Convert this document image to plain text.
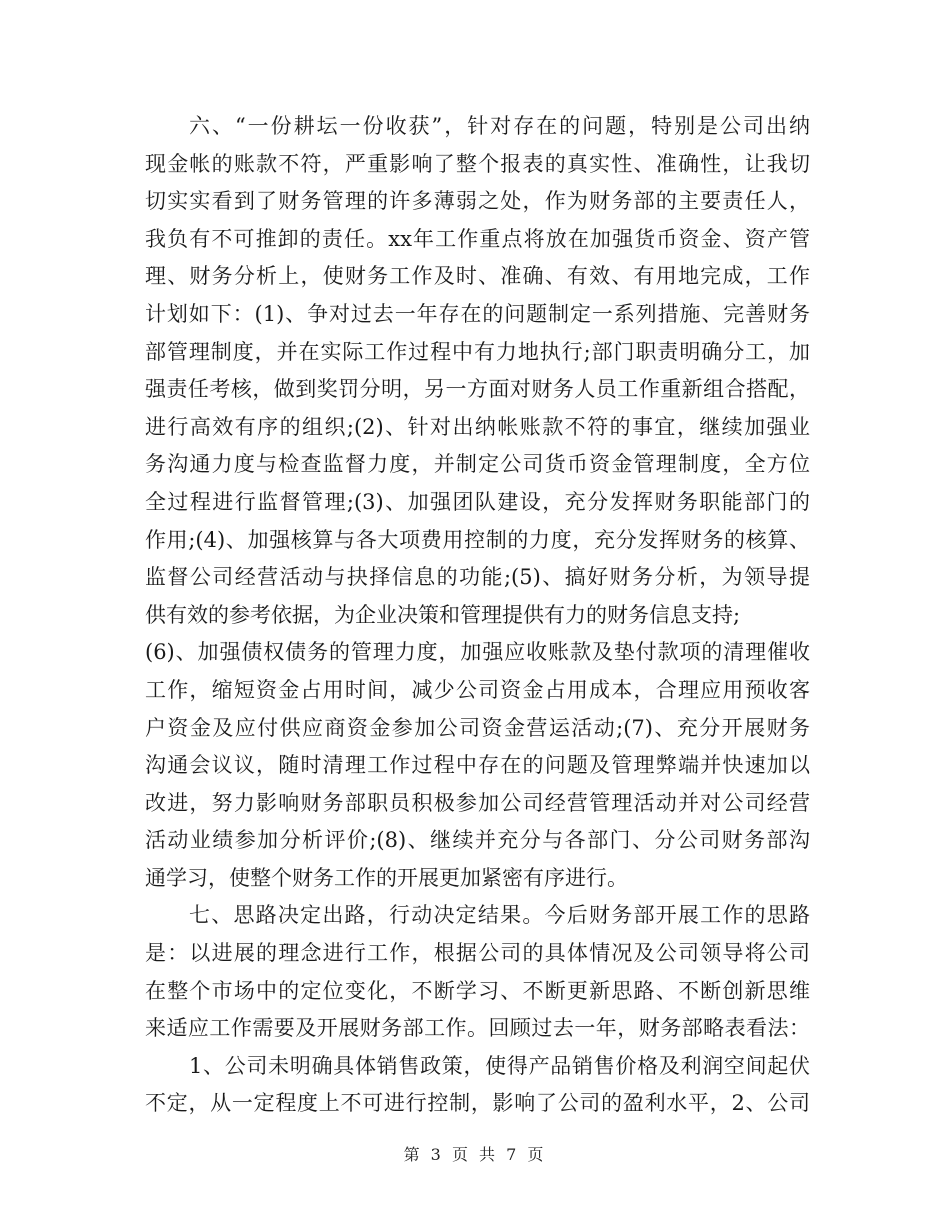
六、“一份耕坛一份收获”，针对存在的问题，特别是公司出纳
现金帐的账款不符，严重影响了整个报表的真实性、准确性，让我切
切实实看到了财务管理的许多薄弱之处，作为财务部的主要责任人，
我负有不可推卸的责任。xx年工作重点将放在加强货币资金、资产管
理、财务分析上，使财务工作及时、准确、有效、有用地完成，工作
计划如下：(1)、争对过去一年存在的问题制定一系列措施、完善财务
部管理制度，并在实际工作过程中有力地执行;部门职责明确分工，加
强责任考核，做到奖罚分明，另一方面对财务人员工作重新组合搭配，
进行高效有序的组织;(2)、针对出纳帐账款不符的事宜，继续加强业
务沟通力度与检查监督力度，并制定公司货币资金管理制度，全方位
全过程进行监督管理;(3)、加强团队建设，充分发挥财务职能部门的
作用;(4)、加强核算与各大项费用控制的力度，充分发挥财务的核算、
监督公司经营活动与抉择信息的功能;(5)、搞好财务分析，为领导提
供有效的参考依据，为企业决策和管理提供有力的财务信息支持;
(6)、加强债权债务的管理力度，加强应收账款及垫付款项的清理催收
工作，缩短资金占用时间，减少公司资金占用成本，合理应用预收客
户资金及应付供应商资金参加公司资金营运活动;(7)、充分开展财务
沟通会议议，随时清理工作过程中存在的问题及管理弊端并快速加以
改进，努力影响财务部职员积极参加公司经营管理活动并对公司经营
活动业绩参加分析评价;(8)、继续并充分与各部门、分公司财务部沟
通学习，使整个财务工作的开展更加紧密有序进行。
七、思路决定出路，行动决定结果。今后财务部开展工作的思路
是：以进展的理念进行工作，根据公司的具体情况及公司领导将公司
在整个市场中的定位变化，不断学习、不断更新思路、不断创新思维
来适应工作需要及开展财务部工作。回顾过去一年，财务部略表看法：
1、公司未明确具体销售政策，使得产品销售价格及利润空间起伏
不定，从一定程度上不可进行控制，影响了公司的盈利水平，2、公司
第 3 页 共 7 页
